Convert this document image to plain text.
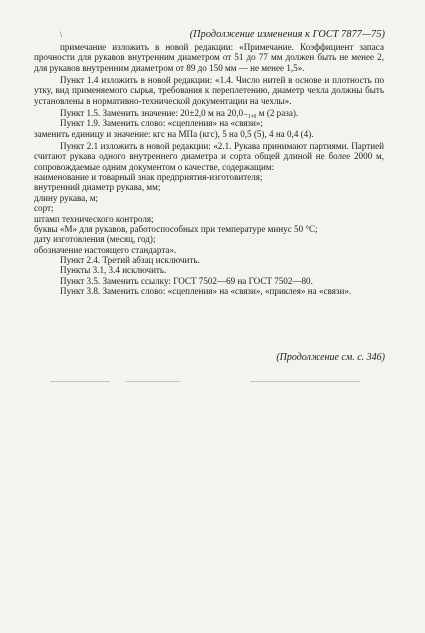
\	(Продолжение изменения к ГОСТ 7877—75)

примечание изложить в новой редакции: «Примечание. Коэффициент запаса прочности для рукавов внутренним диаметром от 51 до 77 мм должен быть не менее 2, для рукавов внутренним диаметром от 89 до 150 мм — не менее 1,5».

Пункт 1.4 изложить в новой редакции: «1.4. Число нитей в основе и плотность по утку, вид применяемого сырья, требования к переплетению, диаметр чехла должны быть установлены в нормативно-технической документации на чехлы».

Пункт 1.5. Заменить значение: 20±2,0 м на 20,0₋₁,₀ м (2 раза).

Пункт 1.9. Заменить слово: «сцепления» на «связи»;

заменить единицу и значение: кгс на МПа (кгс), 5 на 0,5 (5), 4 на 0,4 (4).

Пункт 2.1 изложить в новой редакции: «2.1. Рукава принимают партиями. Партией считают рукава одного внутреннего диаметра и сорта общей длиной не более 2000 м, сопровождаемые одним документом о качестве, содержащим:

наименование и товарный знак предприятия-изготовителя;

внутренний диаметр рукава, мм;

длину рукава, м;

сорт;

штамп технического контроля;

буквы «М» для рукавов, работоспособных при температуре минус 50 °С;

дату изготовления (месяц, год);

обозначение настоящего стандарта».

Пункт 2.4. Третий абзац исключить.

Пункты 3.1, 3.4 исключить.

Пункт 3.5. Заменить ссылку: ГОСТ 7502—69 на ГОСТ 7502—80.

Пункт 3.8. Заменить слово: «сцепления» на «связи», «приклея» на «связи».

(Продолжение см. с. 346)
